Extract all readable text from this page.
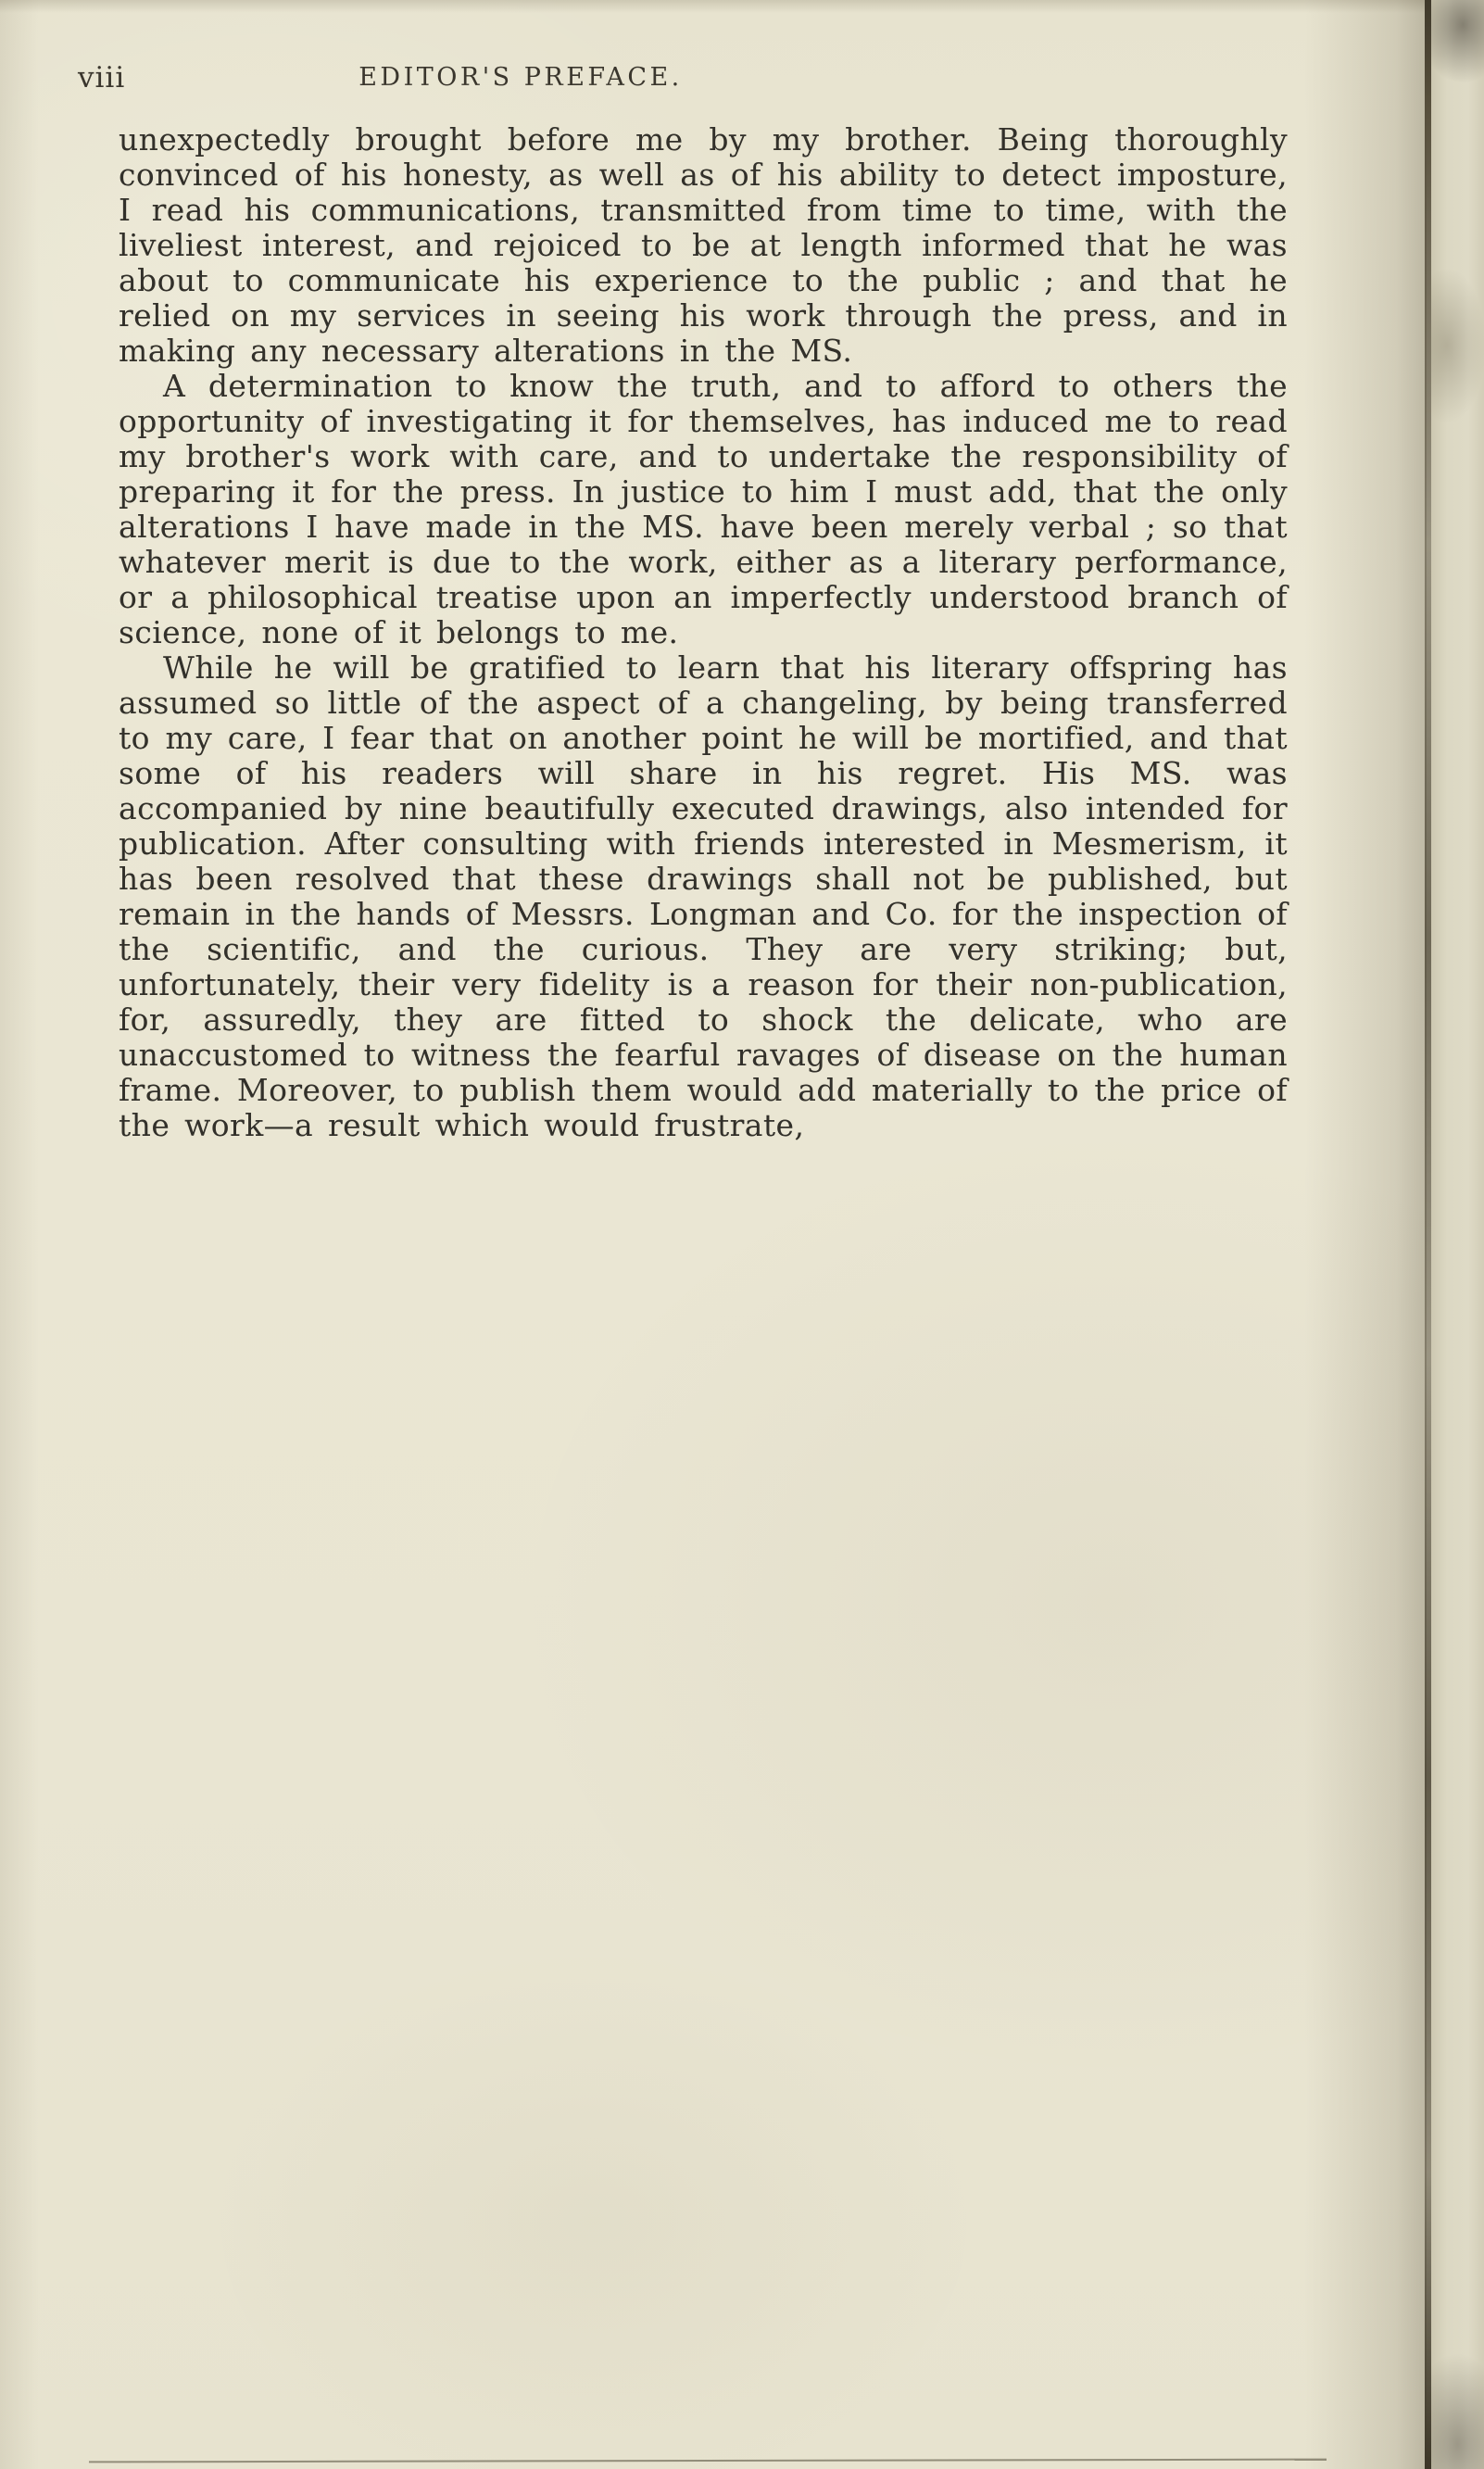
viii	EDITOR'S PREFACE.

unexpectedly brought before me by my brother. Being thoroughly convinced of his honesty, as well as of his ability to detect imposture, I read his communications, transmitted from time to time, with the liveliest interest, and rejoiced to be at length informed that he was about to communicate his experience to the public ; and that he relied on my services in seeing his work through the press, and in making any necessary alterations in the MS.

A determination to know the truth, and to afford to others the opportunity of investigating it for themselves, has induced me to read my brother's work with care, and to undertake the responsibility of preparing it for the press. In justice to him I must add, that the only alterations I have made in the MS. have been merely verbal ; so that whatever merit is due to the work, either as a literary performance, or a philosophical treatise upon an imperfectly understood branch of science, none of it belongs to me.

While he will be gratified to learn that his literary offspring has assumed so little of the aspect of a changeling, by being transferred to my care, I fear that on another point he will be mortified, and that some of his readers will share in his regret. His MS. was accompanied by nine beautifully executed drawings, also intended for publication. After consulting with friends interested in Mesmerism, it has been resolved that these drawings shall not be published, but remain in the hands of Messrs. Longman and Co. for the inspection of the scientific, and the curious. They are very striking; but, unfortunately, their very fidelity is a reason for their non-publication, for, assuredly, they are fitted to shock the delicate, who are unaccustomed to witness the fearful ravages of disease on the human frame. Moreover, to publish them would add materially to the price of the work—a result which would frustrate,
